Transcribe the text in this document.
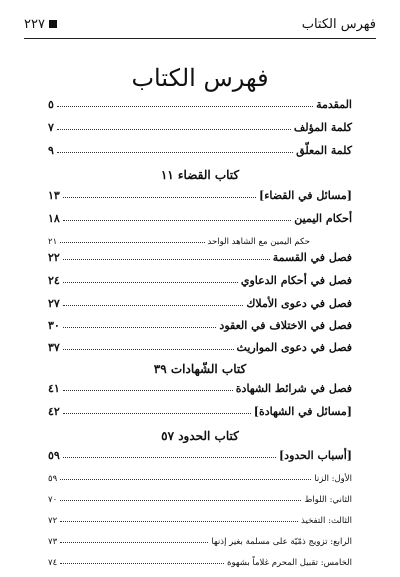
فهرس الكتاب
٢٢٧
فهرس الكتاب
المقدمة
٥
كلمة المؤلف
٧
كلمة المعلّق
٩
كتاب القضاء ١١
[مسائل في القضاء]
١٣
أحكام اليمين
١٨
حكم اليمين مع الشاهد الواحد
٢١
فصل في القسمة
٢٢
فصل في أحكام الدعاوي
٢٤
فصل في دعوى الأملاك
٢٧
فصل في الاختلاف في العقود
٣٠
فصل في دعوى المواريث
٣٧
كتاب الشّهادات ٣٩
فصل في شرائط الشهادة
٤١
[مسائل في الشهادة]
٤٢
كتاب الحدود ٥٧
[أسباب الحدود]
٥٩
الأول: الزنا
٥٩
الثاني: اللواط
٧٠
الثالث: التفخيذ
٧٢
الرابع: تزويج ذمّيّة على مسلمة بغير إذنها
٧٣
الخامس: تقبيل المحرم غلاماً بشهوة
٧٤
